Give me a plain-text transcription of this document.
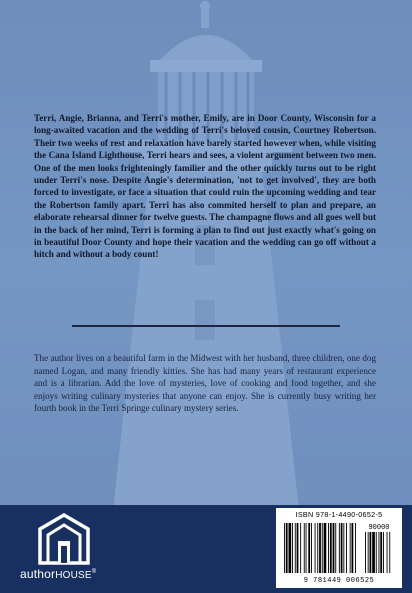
Terri, Angie, Brianna, and Terri's mother, Emily, are in Door County, Wisconsin for a long-awaited vacation and the wedding of Terri's beloved cousin, Courtney Robertson. Their two weeks of rest and relaxation have barely started however when, while visiting the Cana Island Lighthouse, Terri hears and sees, a violent argument between two men. One of the men looks frighteningly familier and the other quickly turns out to be right under Terri's nose. Despite Angie's determination, 'not to get involved', they are both forced to investigate, or face a situation that could ruin the upcoming wedding and tear the Robertson family apart. Terri has also commited herself to plan and prepare, an elaborate rehearsal dinner for twelve guests. The champagne flows and all goes well but in the back of her mind, Terri is forming a plan to find out just exactly what's going on in beautiful Door County and hope their vacation and the wedding can go off without a hitch and without a body count!

The author lives on a beautiful farm in the Midwest with her husband, three children, one dog named Logan, and many friendly kitties. She has had many years of restaurant experience and is a librarian. Add the love of mysteries, love of cooking and food together, and she enjoys writing culinary mysteries that anyone can enjoy. She is currently busy writing her fourth book in the Terri Springe culinary mystery series.

authorHOUSE®
ISBN 978-1-4490-0652-5
90000
9 781449 006525
